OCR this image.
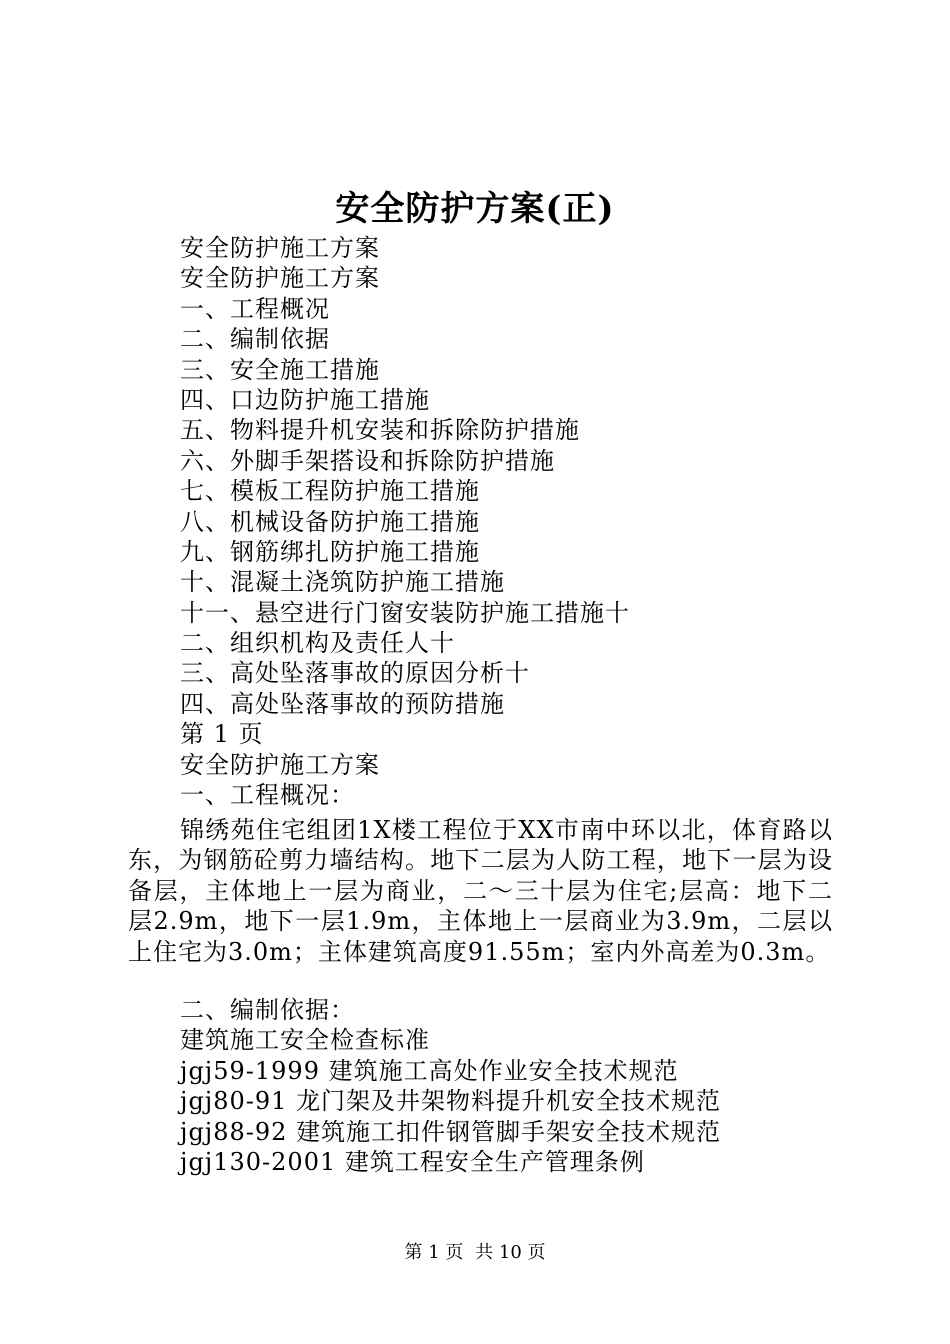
安全防护方案(正)
安全防护施工方案
安全防护施工方案
一、工程概况
二、编制依据
三、安全施工措施
四、口边防护施工措施
五、物料提升机安装和拆除防护措施
六、外脚手架搭设和拆除防护措施
七、模板工程防护施工措施
八、机械设备防护施工措施
九、钢筋绑扎防护施工措施
十、混凝土浇筑防护施工措施
十一、悬空进行门窗安装防护施工措施十
二、组织机构及责任人十
三、高处坠落事故的原因分析十
四、高处坠落事故的预防措施
第 1 页
安全防护施工方案
一、工程概况：
锦绣苑住宅组团1X楼工程位于XX市南中环以北，体育路以东，为钢筋砼剪力墙结构。地下二层为人防工程，地下一层为设备层，主体地上一层为商业，二～三十层为住宅;层高：地下二层2.9m，地下一层1.9m，主体地上一层商业为3.9m，二层以上住宅为3.0m；主体建筑高度91.55m；室内外高差为0.3m。
二、编制依据：
建筑施工安全检查标准
jgj59-1999 建筑施工高处作业安全技术规范
jgj80-91 龙门架及井架物料提升机安全技术规范
jgj88-92 建筑施工扣件钢管脚手架安全技术规范
jgj130-2001 建筑工程安全生产管理条例
第 1 页 共 10 页
